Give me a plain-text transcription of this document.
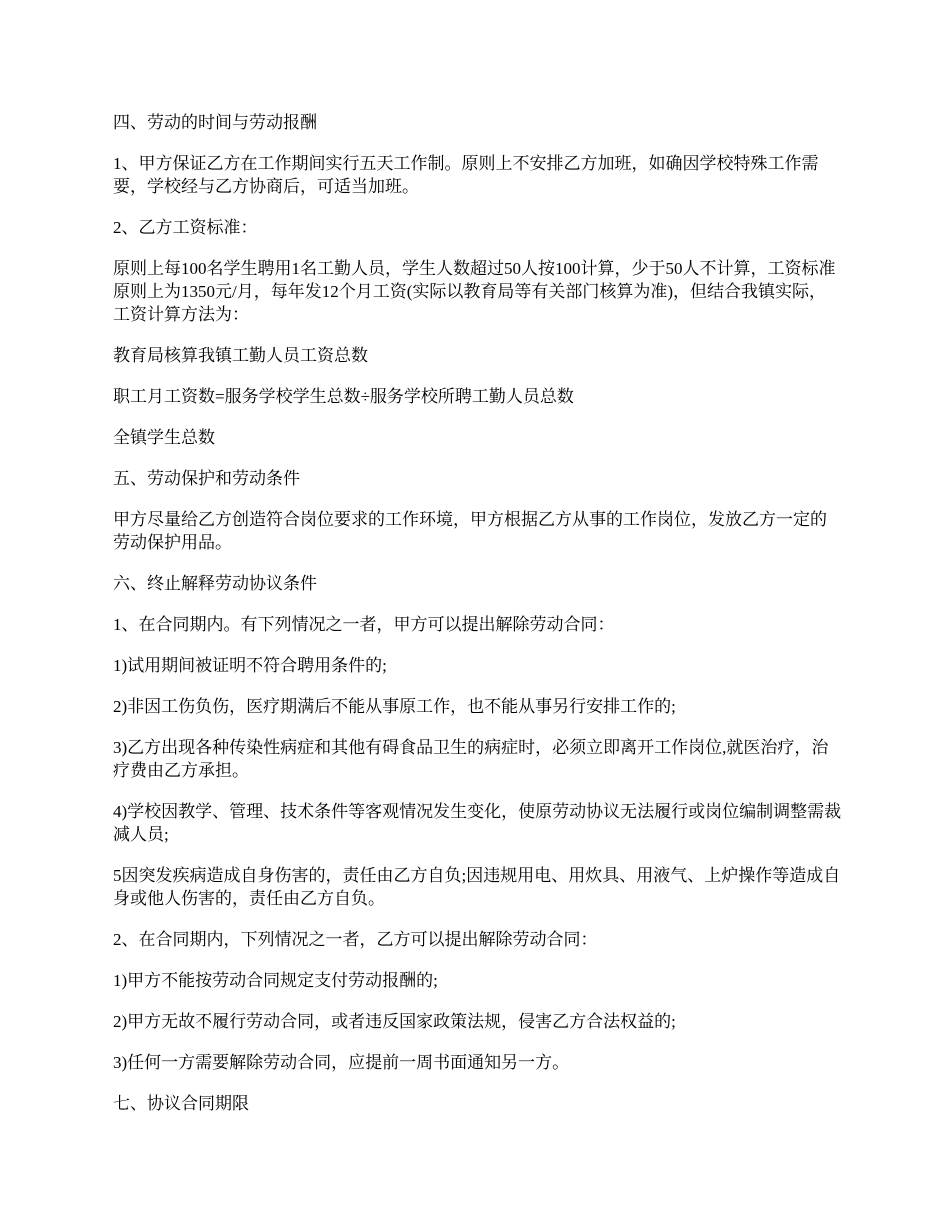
四、劳动的时间与劳动报酬

1、甲方保证乙方在工作期间实行五天工作制。原则上不安排乙方加班，如确因学校特殊工作需要，学校经与乙方协商后，可适当加班。

2、乙方工资标准：

原则上每100名学生聘用1名工勤人员，学生人数超过50人按100计算，少于50人不计算，工资标准原则上为1350元/月，每年发12个月工资(实际以教育局等有关部门核算为准)，但结合我镇实际，工资计算方法为：

教育局核算我镇工勤人员工资总数

职工月工资数=服务学校学生总数÷服务学校所聘工勤人员总数

全镇学生总数

五、劳动保护和劳动条件

甲方尽量给乙方创造符合岗位要求的工作环境，甲方根据乙方从事的工作岗位，发放乙方一定的劳动保护用品。

六、终止解释劳动协议条件

1、在合同期内。有下列情况之一者，甲方可以提出解除劳动合同：

1)试用期间被证明不符合聘用条件的;

2)非因工伤负伤，医疗期满后不能从事原工作，也不能从事另行安排工作的;

3)乙方出现各种传染性病症和其他有碍食品卫生的病症时，必须立即离开工作岗位,就医治疗，治疗费由乙方承担。

4)学校因教学、管理、技术条件等客观情况发生变化，使原劳动协议无法履行或岗位编制调整需裁减人员;

5因突发疾病造成自身伤害的，责任由乙方自负;因违规用电、用炊具、用液气、上炉操作等造成自身或他人伤害的，责任由乙方自负。

2、在合同期内，下列情况之一者，乙方可以提出解除劳动合同：

1)甲方不能按劳动合同规定支付劳动报酬的;

2)甲方无故不履行劳动合同，或者违反国家政策法规，侵害乙方合法权益的;

3)任何一方需要解除劳动合同，应提前一周书面通知另一方。

七、协议合同期限
